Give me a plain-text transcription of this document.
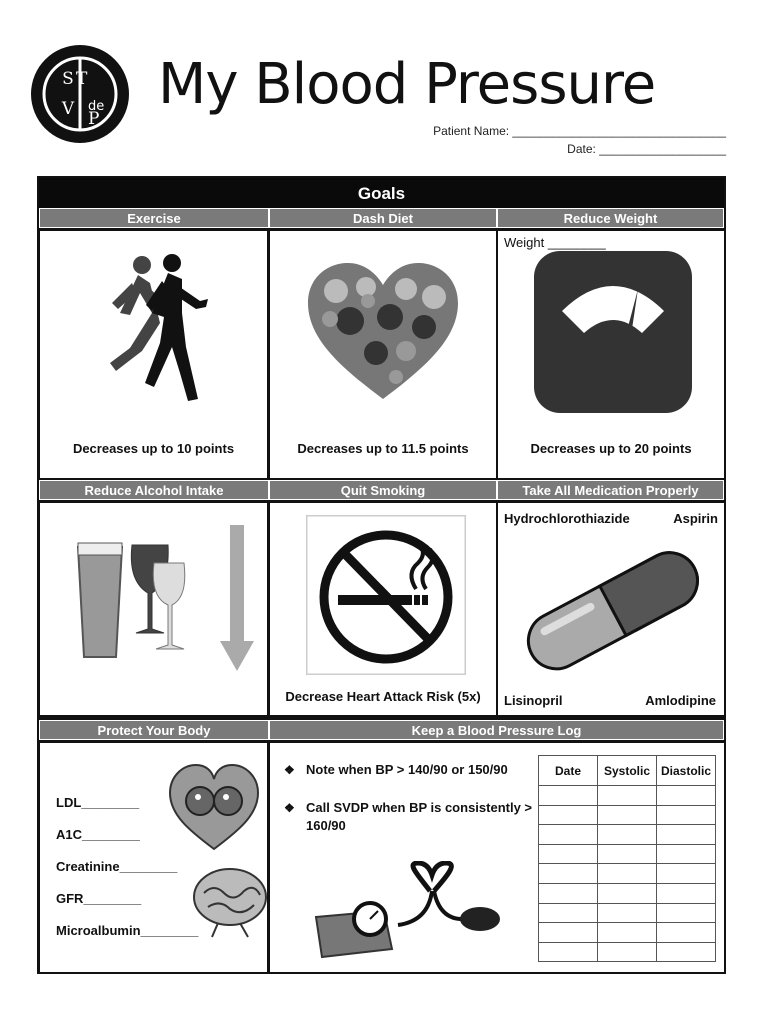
S T
V de
P
My Blood Pressure
Patient Name: ________________________________
Date: ___________________
Goals
Exercise	Dash Diet	Reduce Weight
Decreases up to 10 points	Decreases up to 11.5 points
Weight ________
Decreases up to 20 points
Reduce Alcohol Intake	Quit Smoking	Take All Medication Properly
Decrease Heart Attack Risk (5x)
Hydrochlorothiazide	Aspirin
Lisinopril	Amlodipine
Protect Your Body	Keep a Blood Pressure Log
LDL________
A1C________
Creatinine________
GFR________
Microalbumin________
❖ Note when BP > 140/90 or 150/90
❖ Call SVDP when BP is consistently > 160/90
Date	Systolic	Diastolic
